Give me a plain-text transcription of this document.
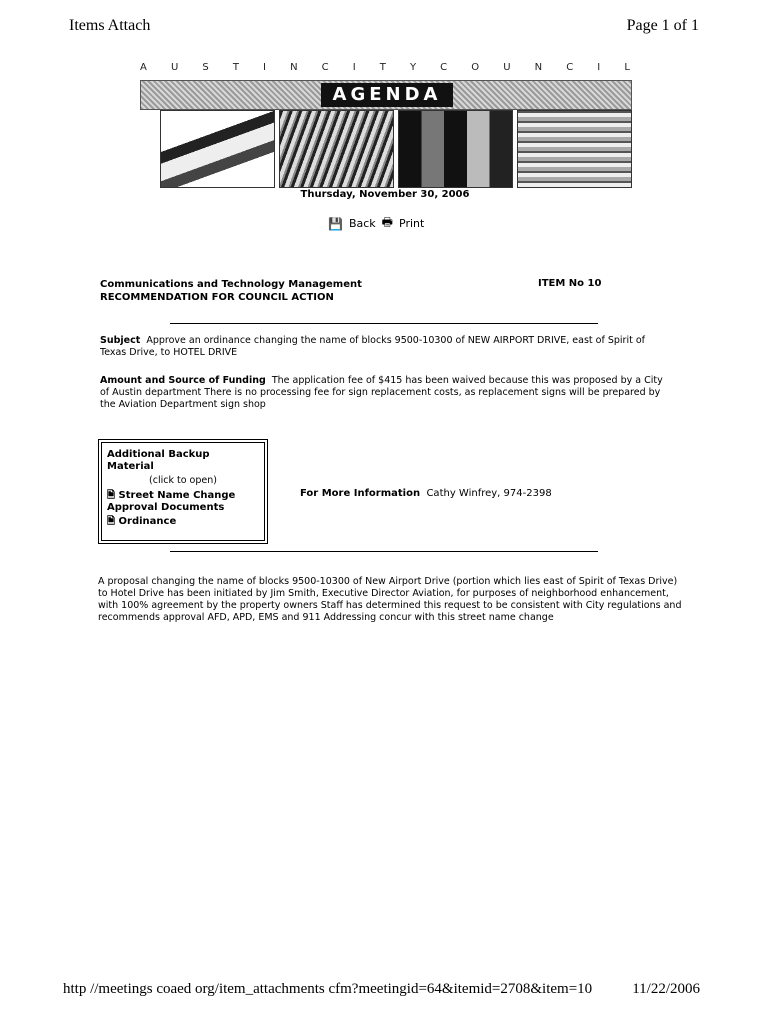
Items Attach	Page 1 of 1
A U S T I N C I T Y C O U N C I L
AGENDA
Thursday, November 30, 2006
💾 Back 🖶 Print
Communications and Technology Management
RECOMMENDATION FOR COUNCIL ACTION
ITEM No 10
Subject Approve an ordinance changing the name of blocks 9500-10300 of NEW AIRPORT DRIVE, east of Spirit of Texas Drive, to HOTEL DRIVE
Amount and Source of Funding The application fee of $415 has been waived because this was proposed by a City of Austin department There is no processing fee for sign replacement costs, as replacement signs will be prepared by the Aviation Department sign shop
Additional Backup Material
(click to open)
🗎 Street Name Change Approval Documents
🗎 Ordinance
For More Information Cathy Winfrey, 974-2398
A proposal changing the name of blocks 9500-10300 of New Airport Drive (portion which lies east of Spirit of Texas Drive) to Hotel Drive has been initiated by Jim Smith, Executive Director Aviation, for purposes of neighborhood enhancement, with 100% agreement by the property owners Staff has determined this request to be consistent with City regulations and recommends approval AFD, APD, EMS and 911 Addressing concur with this street name change
http //meetings coaed org/item_attachments cfm?meetingid=64&itemid=2708&item=10	11/22/2006
